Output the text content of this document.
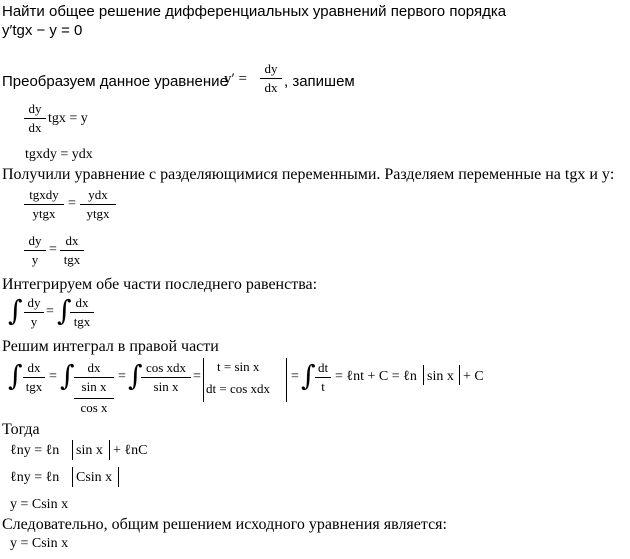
Найти общее решение дифференциальных уравнений первого порядка
y′tgx − y = 0
Преобразуем данное уравнение
y′ =
dy
dx , запишем
dy
dx
tgx = y
tgxdy = ydx
Получили уравнение с разделяющимися переменными. Разделяем переменные на tgx и y:
tgxdy
ytgx
=
ydx
ytgx
dy
y
=
dx
tgx
Интегрируем обе части последнего равенства:
∫ dy
y
= ∫ dx
tgx
Решим интеграл в правой части
∫ dx
tgx
= ∫ dx
sin x
cos x
= ∫ cos xdx
sin x
=
t = sin x
dt = cos xdx
= ∫ dt
t
= ℓnt + C = ℓn sin x + C
Тогда
ℓny = ℓn sin x + ℓnC
ℓny = ℓn Csin x
y = Csin x
Следовательно, общим решением исходного уравнения является:
y = Csin x
